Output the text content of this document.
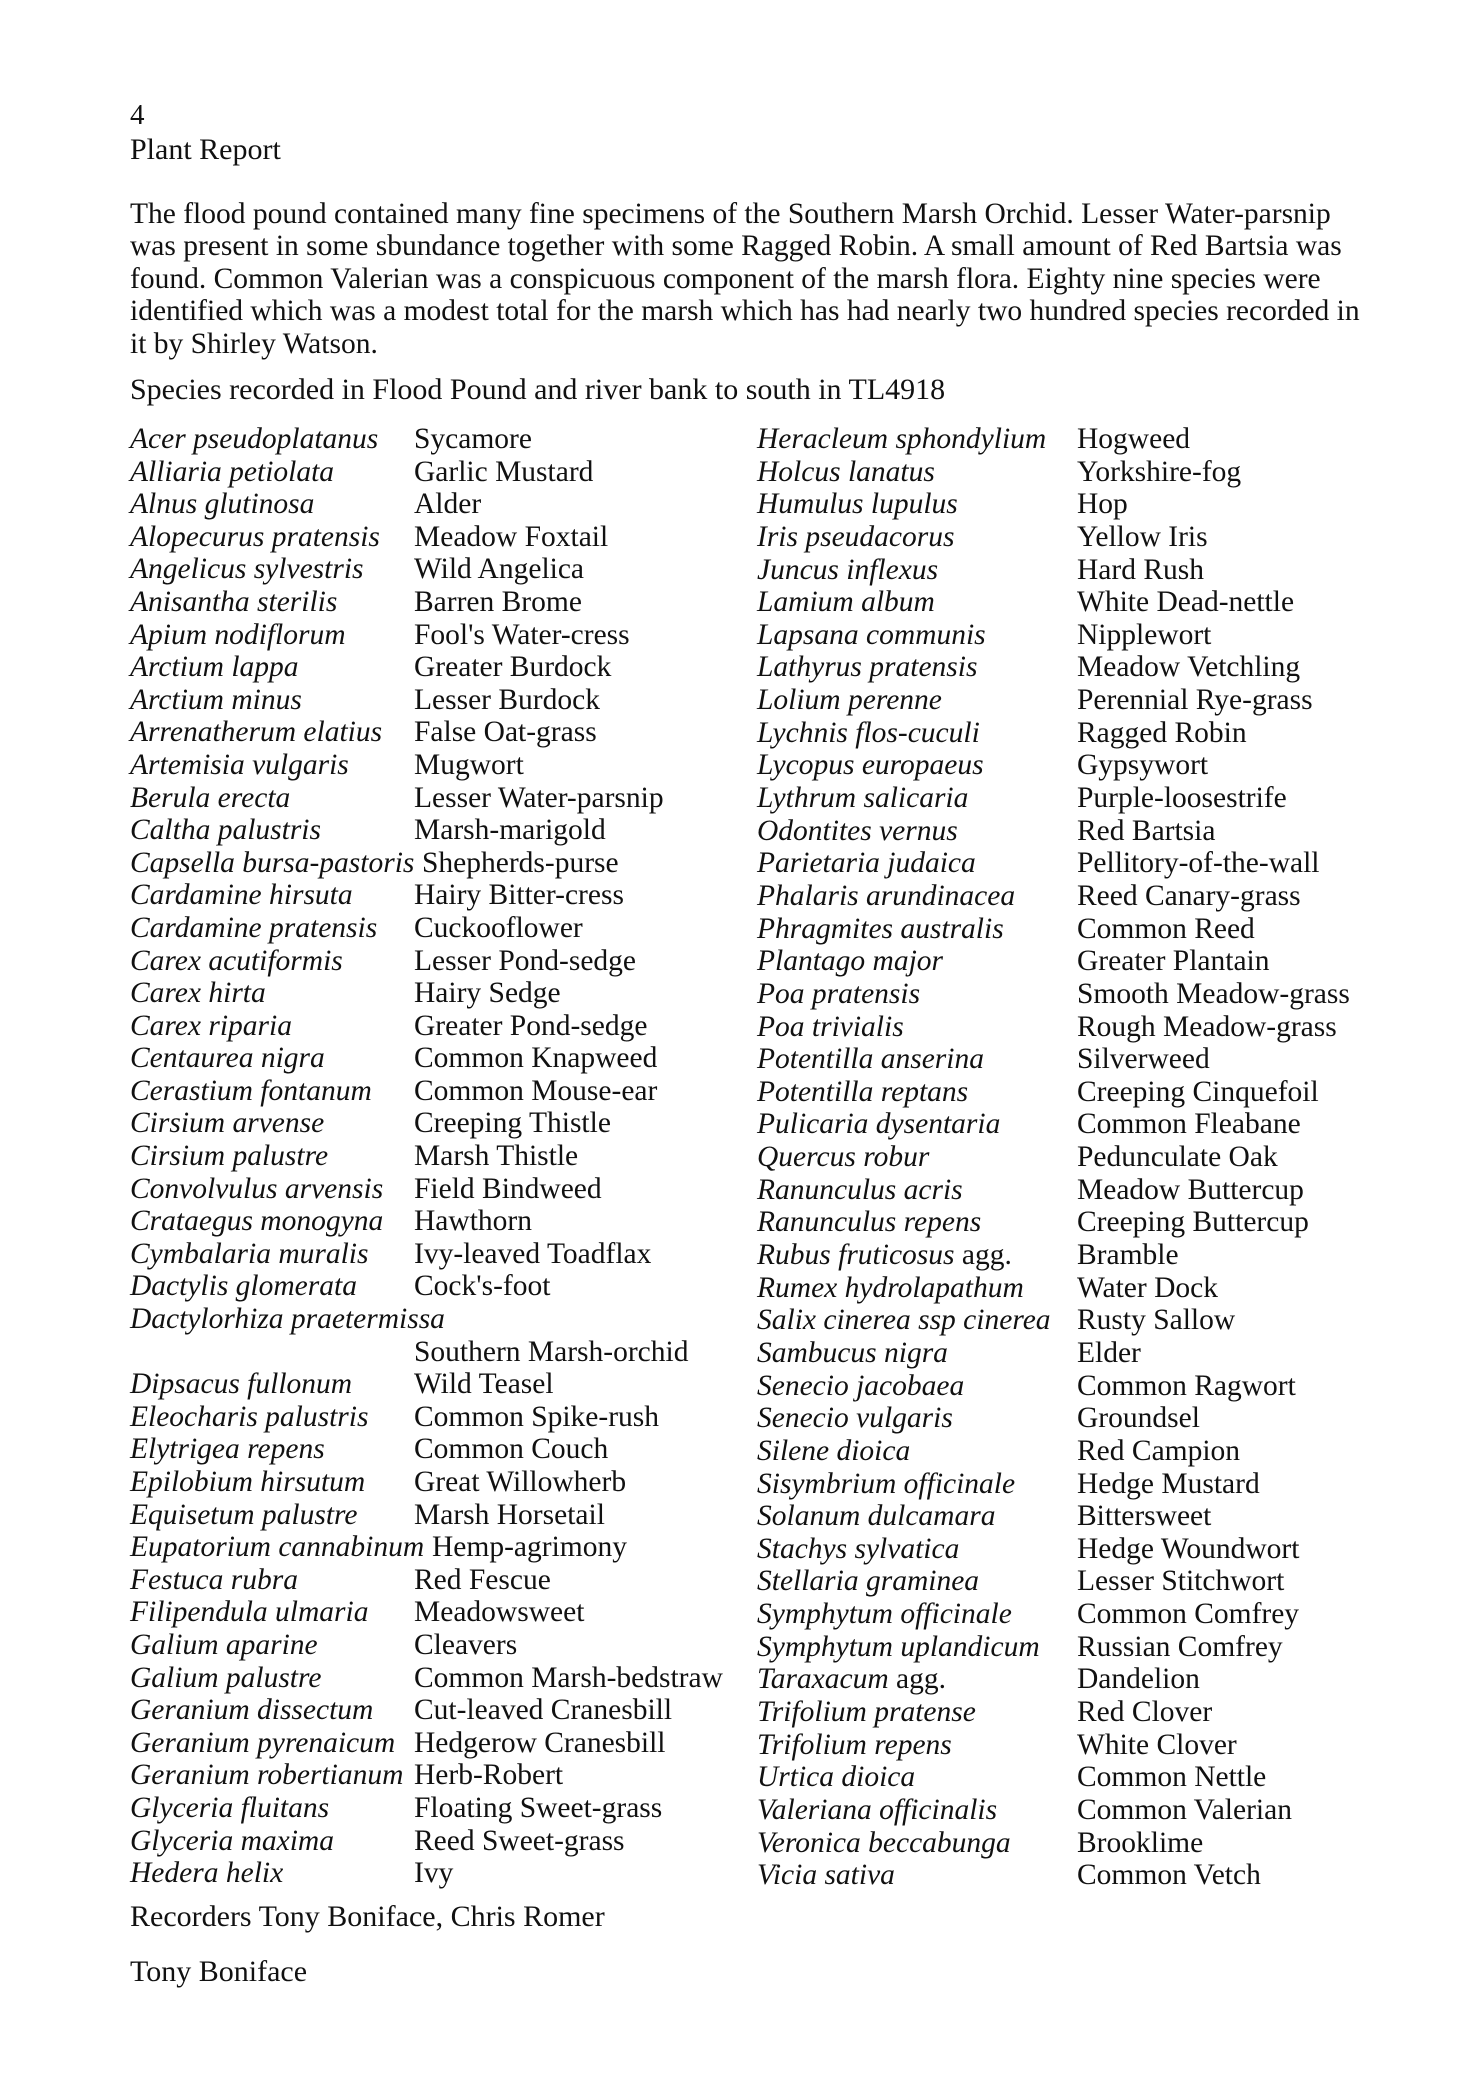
4
Plant Report

The flood pound contained many fine specimens of the Southern Marsh Orchid. Lesser Water-parsnip was present in some sbundance together with some Ragged Robin. A small amount of Red Bartsia was found. Common Valerian was a conspicuous component of the marsh flora. Eighty nine species were identified which was a modest total for the marsh which has had nearly two hundred species recorded in it by Shirley Watson.

Species recorded in Flood Pound and river bank to south in TL4918
Acer pseudoplatanus Sycamore
Alliaria petiolata	Garlic Mustard
Alnus glutinosa	Alder
Alopecurus pratensis Meadow Foxtail
Angelicus sylvestris Wild Angelica
Anisantha sterilis	Barren Brome
Apium nodiflorum Fool's Water-cress
Arctium lappa	Greater Burdock
Arctium minus	Lesser Burdock
Arrenatherum elatius False Oat-grass
Artemisia vulgaris Mugwort
Berula erecta	Lesser Water-parsnip
Caltha palustris	Marsh-marigold
Capsella bursa-pastoris Shepherds-purse
Cardamine hirsuta Hairy Bitter-cress
Cardamine pratensis Cuckooflower
Carex acutiformis Lesser Pond-sedge
Carex hirta	Hairy Sedge
Carex riparia	Greater Pond-sedge
Centaurea nigra	Common Knapweed
Cerastium fontanum Common Mouse-ear
Cirsium arvense	Creeping Thistle
Cirsium palustre	Marsh Thistle
Convolvulus arvensis Field Bindweed
Crataegus monogyna Hawthorn
Cymbalaria muralis Ivy-leaved Toadflax
Dactylis glomerata Cock's-foot
Dactylorhiza praetermissa
Southern Marsh-orchid
Dipsacus fullonum Wild Teasel
Eleocharis palustris Common Spike-rush
Elytrigea repens	Common Couch
Epilobium hirsutum Great Willowherb
Equisetum palustre Marsh Horsetail
Eupatorium cannabinum Hemp-agrimony
Festuca rubra	Red Fescue
Filipendula ulmaria Meadowsweet
Galium aparine	Cleavers
Galium palustre	Common Marsh-bedstraw
Geranium dissectum Cut-leaved Cranesbill
Geranium pyrenaicum Hedgerow Cranesbill
Geranium robertianum Herb-Robert
Glyceria fluitans	Floating Sweet-grass
Glyceria maxima	Reed Sweet-grass
Hedera helix	Ivy
Heracleum sphondylium Hogweed
Holcus lanatus	Yorkshire-fog
Humulus lupulus	Hop
Iris pseudacorus	Yellow Iris
Juncus inflexus	Hard Rush
Lamium album	White Dead-nettle
Lapsana communis	Nipplewort
Lathyrus pratensis	Meadow Vetchling
Lolium perenne	Perennial Rye-grass
Lychnis flos-cuculi	Ragged Robin
Lycopus europaeus	Gypsywort
Lythrum salicaria	Purple-loosestrife
Odontites vernus	Red Bartsia
Parietaria judaica	Pellitory-of-the-wall
Phalaris arundinacea Reed Canary-grass
Phragmites australis Common Reed
Plantago major	Greater Plantain
Poa pratensis	Smooth Meadow-grass
Poa trivialis	Rough Meadow-grass
Potentilla anserina	Silverweed
Potentilla reptans	Creeping Cinquefoil
Pulicaria dysentaria	Common Fleabane
Quercus robur	Pedunculate Oak
Ranunculus acris	Meadow Buttercup
Ranunculus repens	Creeping Buttercup
Rubus fruticosus agg. Bramble
Rumex hydrolapathum Water Dock
Salix cinerea ssp cinerea Rusty Sallow
Sambucus nigra	Elder
Senecio jacobaea	Common Ragwort
Senecio vulgaris	Groundsel
Silene dioica	Red Campion
Sisymbrium officinale Hedge Mustard
Solanum dulcamara	Bittersweet
Stachys sylvatica	Hedge Woundwort
Stellaria graminea	Lesser Stitchwort
Symphytum officinale Common Comfrey
Symphytum uplandicum Russian Comfrey
Taraxacum agg.	Dandelion
Trifolium pratense	Red Clover
Trifolium repens	White Clover
Urtica dioica	Common Nettle
Valeriana officinalis	Common Valerian
Veronica beccabunga Brooklime
Vicia sativa	Common Vetch
Recorders Tony Boniface, Chris Romer
Tony Boniface
